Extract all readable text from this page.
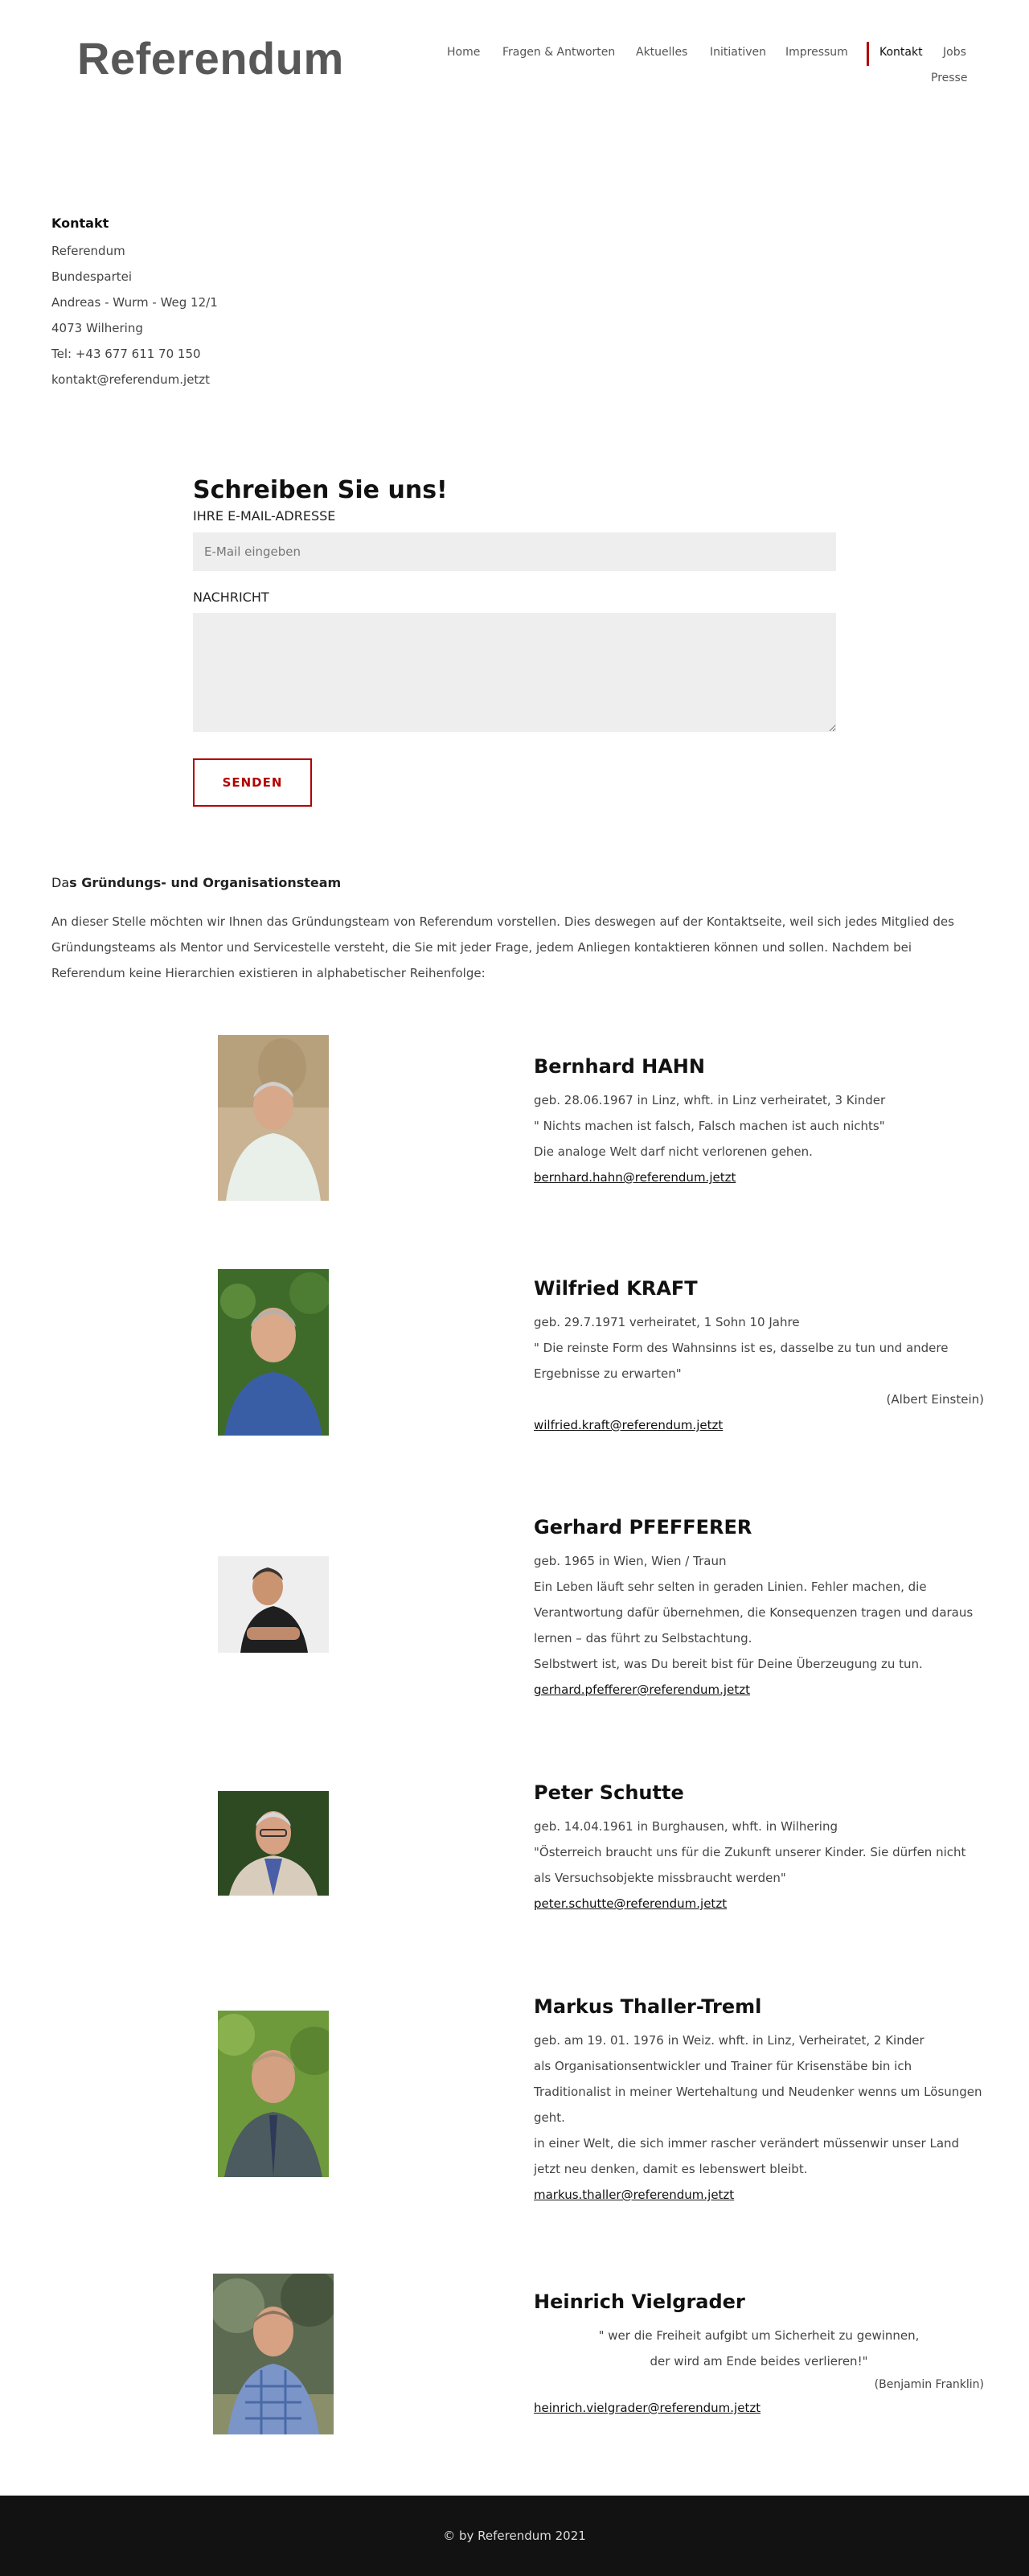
Referendum	Home Fragen & Antworten Aktuelles Initiativen Impressum	Kontakt Jobs
Presse
Kontakt
Referendum
Bundespartei
Andreas - Wurm - Weg 12/1
4073 Wilhering
Tel: +43 677 611 70 150
kontakt@referendum.jetzt
Schreiben Sie uns!
IHRE E-MAIL-ADRESSE
E-Mail eingeben
NACHRICHT
SENDEN
Das Gründungs- und Organisationsteam
An dieser Stelle möchten wir Ihnen das Gründungsteam von Referendum vorstellen. Dies deswegen auf der Kontaktseite, weil sich jedes Mitglied des Gründungsteams als Mentor und Servicestelle versteht, die Sie mit jeder Frage, jedem Anliegen kontaktieren können und sollen. Nachdem bei Referendum keine Hierarchien existieren in alphabetischer Reihenfolge:
Bernhard HAHN

geb. 28.06.1967 in Linz, whft. in Linz verheiratet, 3 Kinder

" Nichts machen ist falsch, Falsch machen ist auch nichts"

Die analoge Welt darf nicht verlorenen gehen.

bernhard.hahn@referendum.jetzt

Wilfried KRAFT

geb. 29.7.1971 verheiratet, 1 Sohn 10 Jahre

" Die reinste Form des Wahnsinns ist es, dasselbe zu tun und andere Ergebnisse zu erwarten"

(Albert Einstein)

wilfried.kraft@referendum.jetzt

Gerhard PFEFFERER

geb. 1965 in Wien, Wien / Traun

Ein Leben läuft sehr selten in geraden Linien. Fehler machen, die Verantwortung dafür übernehmen, die Konsequenzen tragen und daraus lernen – das führt zu Selbstachtung.

Selbstwert ist, was Du bereit bist für Deine Überzeugung zu tun.

gerhard.pfefferer@referendum.jetzt

Peter Schutte

geb. 14.04.1961 in Burghausen, whft. in Wilhering

"Österreich braucht uns für die Zukunft unserer Kinder. Sie dürfen nicht als Versuchsobjekte missbraucht werden"

peter.schutte@referendum.jetzt

Markus Thaller-Treml

geb. am 19. 01. 1976 in Weiz. whft. in Linz, Verheiratet, 2 Kinder

als Organisationsentwickler und Trainer für Krisenstäbe bin ich Traditionalist in meiner Wertehaltung und Neudenker wenns um Lösungen geht.

in einer Welt, die sich immer rascher verändert müssenwir unser Land jetzt neu denken, damit es lebenswert bleibt.

markus.thaller@referendum.jetzt

Heinrich Vielgrader

" wer die Freiheit aufgibt um Sicherheit zu gewinnen,

der wird am Ende beides verlieren!"

(Benjamin Franklin)

heinrich.vielgrader@referendum.jetzt

© by Referendum 2021
